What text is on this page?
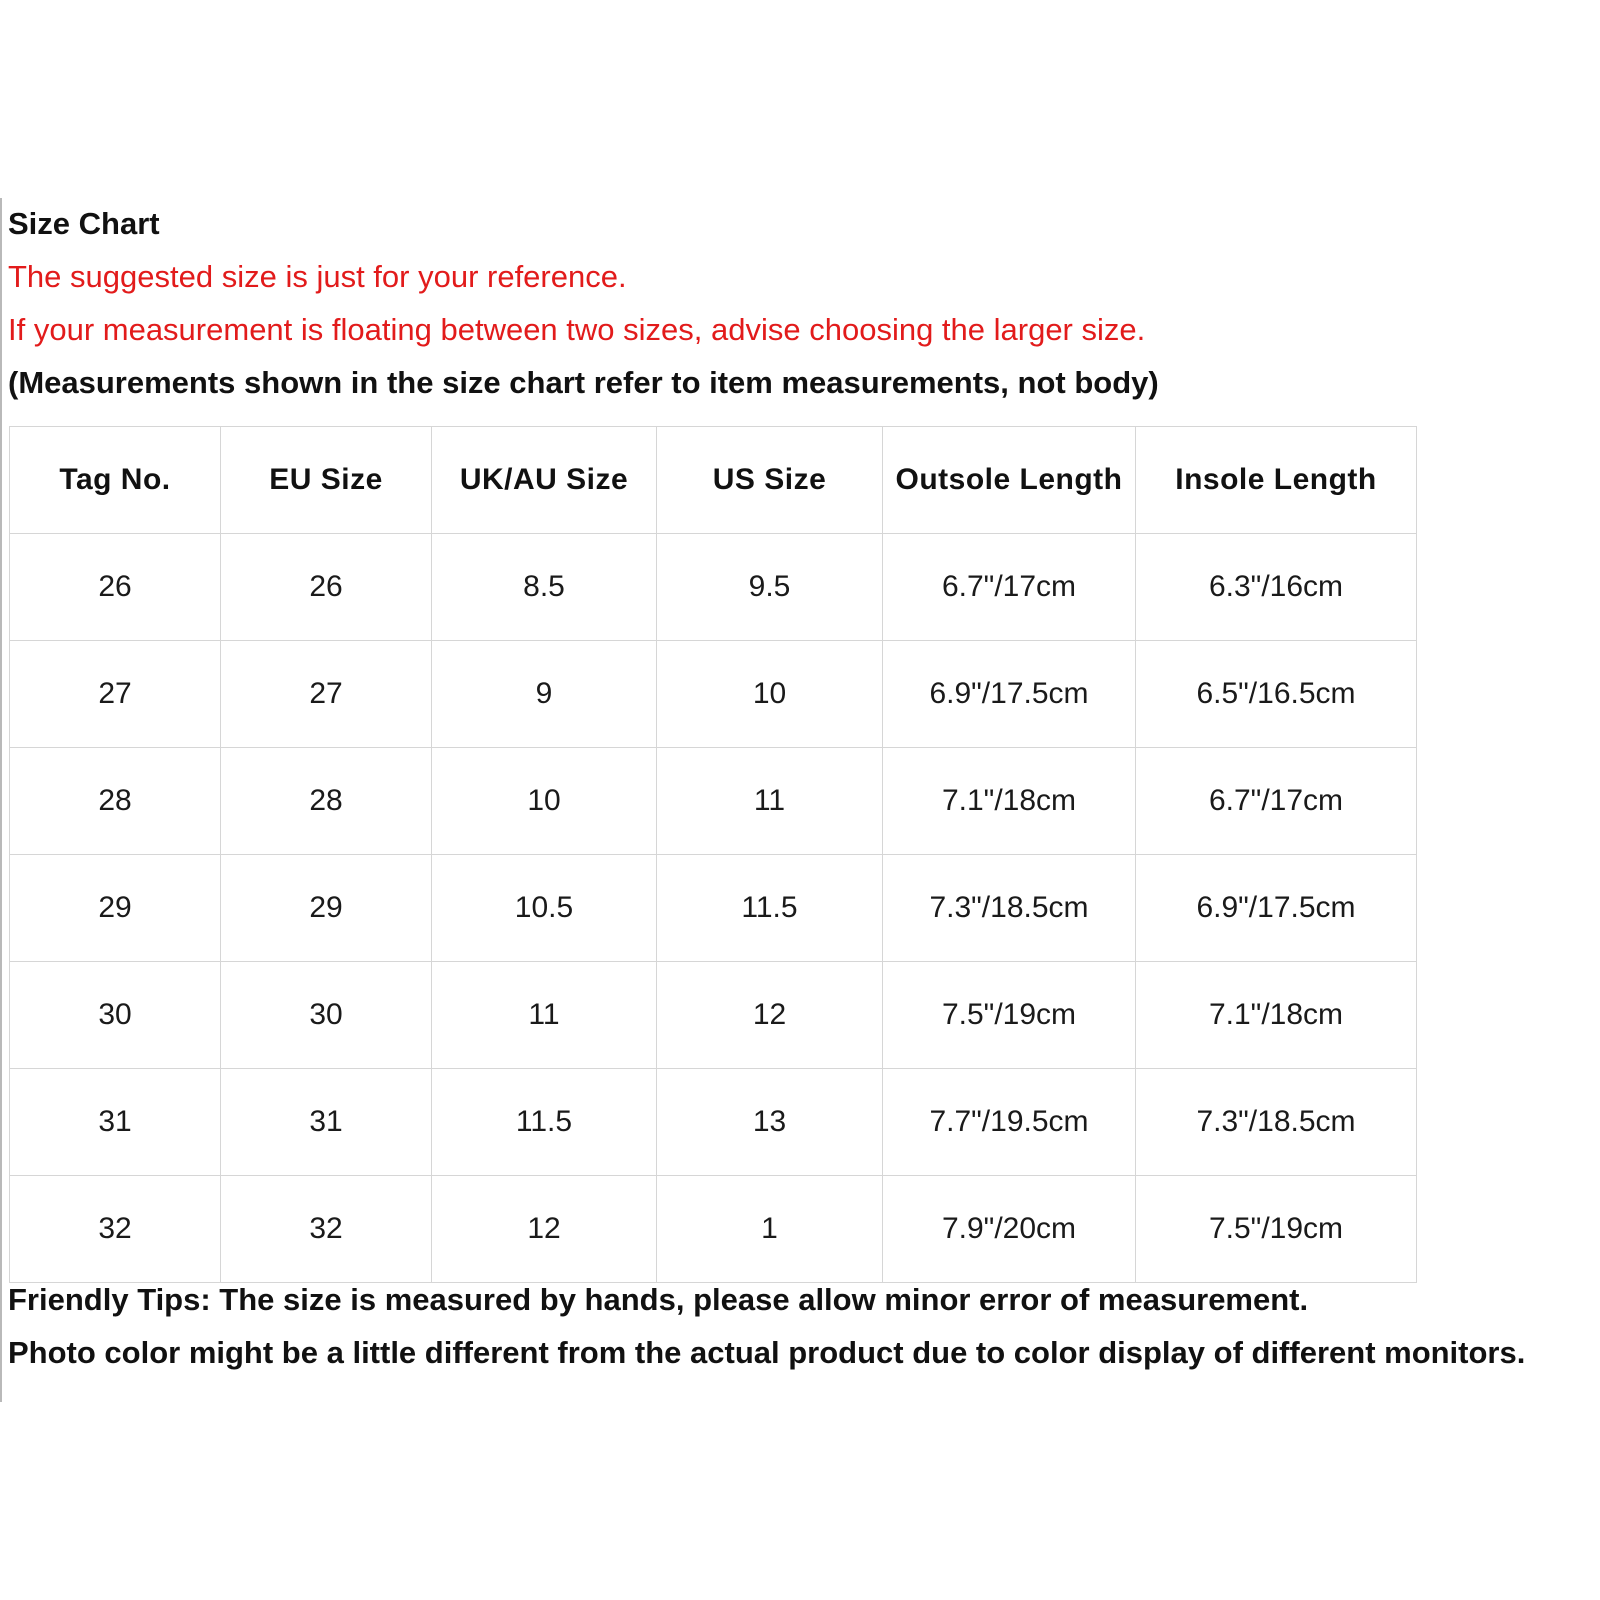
Size Chart
The suggested size is just for your reference.
If your measurement is floating between two sizes, advise choosing the larger size.
(Measurements shown in the size chart refer to item measurements, not body)
Tag No.	EU Size	UK/AU Size	US Size	Outsole Length	Insole Length
26	26	8.5	9.5	6.7"/17cm	6.3"/16cm
27	27	9	10	6.9"/17.5cm	6.5"/16.5cm
28	28	10	11	7.1"/18cm	6.7"/17cm
29	29	10.5	11.5	7.3"/18.5cm	6.9"/17.5cm
30	30	11	12	7.5"/19cm	7.1"/18cm
31	31	11.5	13	7.7"/19.5cm	7.3"/18.5cm
32	32	12	1	7.9"/20cm	7.5"/19cm
Friendly Tips: The size is measured by hands, please allow minor error of measurement.
Photo color might be a little different from the actual product due to color display of different monitors.
